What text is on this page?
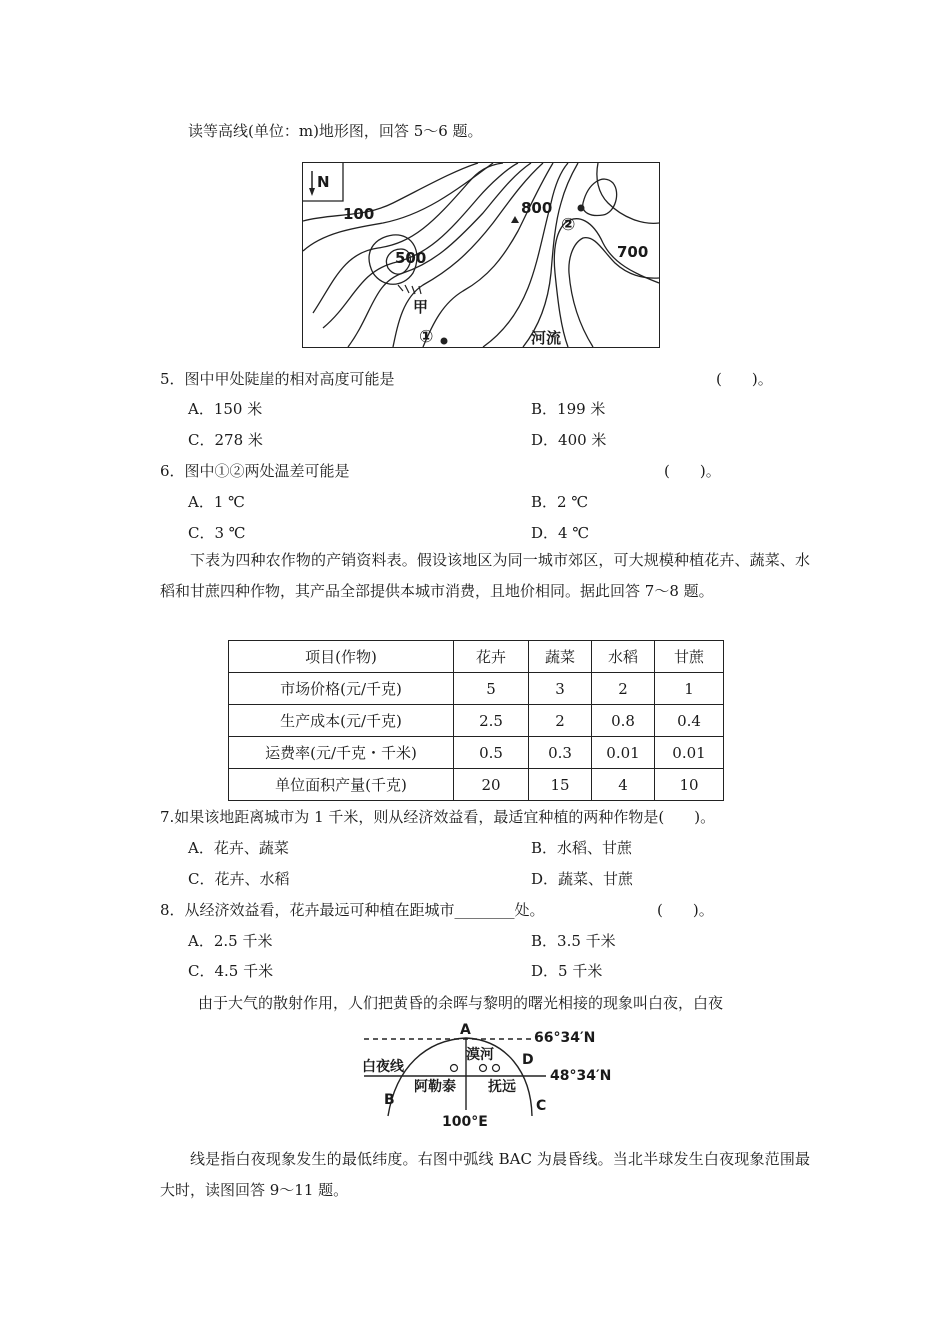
读等高线(单位：m)地形图，回答 5～6 题。
N
100	800
700
500
甲
②
①	河流
5．图中甲处陡崖的相对高度可能是	(　　)。
A．150 米	B．199 米
C．278 米	D．400 米
6．图中①②两处温差可能是	(　　)。
A．1 ℃	B．2 ℃
C．3 ℃	D．4 ℃
下表为四种农作物的产销资料表。假设该地区为同一城市郊区，可大规模种植花卉、蔬菜、水稻和甘蔗四种作物，其产品全部提供本城市消费，且地价相同。据此回答 7～8 题。
项目(作物)	花卉	蔬菜	水稻	甘蔗
市场价格(元/千克)	5	3	2	1
生产成本(元/千克)	2.5	2	0.8	0.4
运费率(元/千克・千米)	0.5	0.3	0.01	0.01
单位面积产量(千克)	20	15	4	10
7.如果该地距离城市为 1 千米，则从经济效益看，最适宜种植的两种作物是(　　)。
A．花卉、蔬菜	B．水稻、甘蔗
C．花卉、水稻	D．蔬菜、甘蔗
8．从经济效益看，花卉最远可种植在距城市________处。	(　　)。
A．2.5 千米	B．3.5 千米
C．4.5 千米	D．5 千米
由于大气的散射作用，人们把黄昏的余晖与黎明的曙光相接的现象叫白夜，白夜
A	66°34′N
漠河 D
白夜线
48°34′N
阿勒泰 抚远
B	C
100°E
线是指白夜现象发生的最低纬度。右图中弧线 BAC 为晨昏线。当北半球发生白夜现象范围最大时，读图回答 9～11 题。
